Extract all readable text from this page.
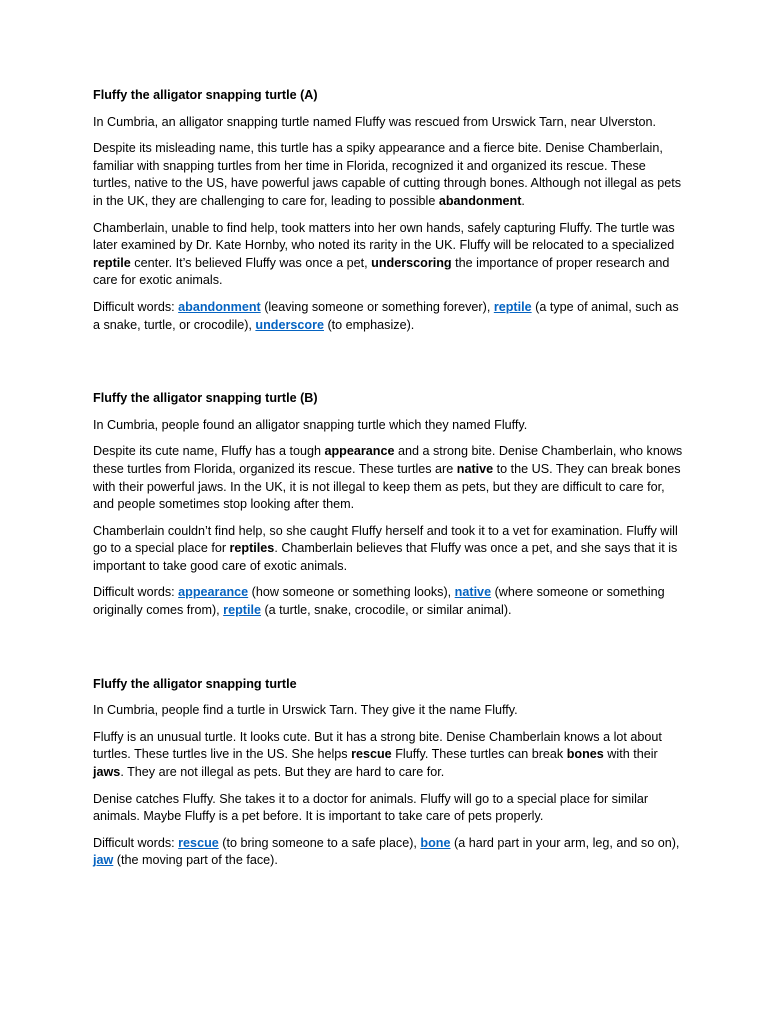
Fluffy the alligator snapping turtle (A)

In Cumbria, an alligator snapping turtle named Fluffy was rescued from Urswick Tarn, near Ulverston.

Despite its misleading name, this turtle has a spiky appearance and a fierce bite. Denise Chamberlain, familiar with snapping turtles from her time in Florida, recognized it and organized its rescue. These turtles, native to the US, have powerful jaws capable of cutting through bones. Although not illegal as pets in the UK, they are challenging to care for, leading to possible abandonment.

Chamberlain, unable to find help, took matters into her own hands, safely capturing Fluffy. The turtle was later examined by Dr. Kate Hornby, who noted its rarity in the UK. Fluffy will be relocated to a specialized reptile center. It’s believed Fluffy was once a pet, underscoring the importance of proper research and care for exotic animals.

Difficult words: abandonment (leaving someone or something forever), reptile (a type of animal, such as a snake, turtle, or crocodile), underscore (to emphasize).

Fluffy the alligator snapping turtle (B)

In Cumbria, people found an alligator snapping turtle which they named Fluffy.

Despite its cute name, Fluffy has a tough appearance and a strong bite. Denise Chamberlain, who knows these turtles from Florida, organized its rescue. These turtles are native to the US. They can break bones with their powerful jaws. In the UK, it is not illegal to keep them as pets, but they are difficult to care for, and people sometimes stop looking after them.

Chamberlain couldn’t find help, so she caught Fluffy herself and took it to a vet for examination. Fluffy will go to a special place for reptiles. Chamberlain believes that Fluffy was once a pet, and she says that it is important to take good care of exotic animals.

Difficult words: appearance (how someone or something looks), native (where someone or something originally comes from), reptile (a turtle, snake, crocodile, or similar animal).

Fluffy the alligator snapping turtle

In Cumbria, people find a turtle in Urswick Tarn. They give it the name Fluffy.

Fluffy is an unusual turtle. It looks cute. But it has a strong bite. Denise Chamberlain knows a lot about turtles. These turtles live in the US. She helps rescue Fluffy. These turtles can break bones with their jaws. They are not illegal as pets. But they are hard to care for.

Denise catches Fluffy. She takes it to a doctor for animals. Fluffy will go to a special place for similar animals. Maybe Fluffy is a pet before. It is important to take care of pets properly.

Difficult words: rescue (to bring someone to a safe place), bone (a hard part in your arm, leg, and so on), jaw (the moving part of the face).
